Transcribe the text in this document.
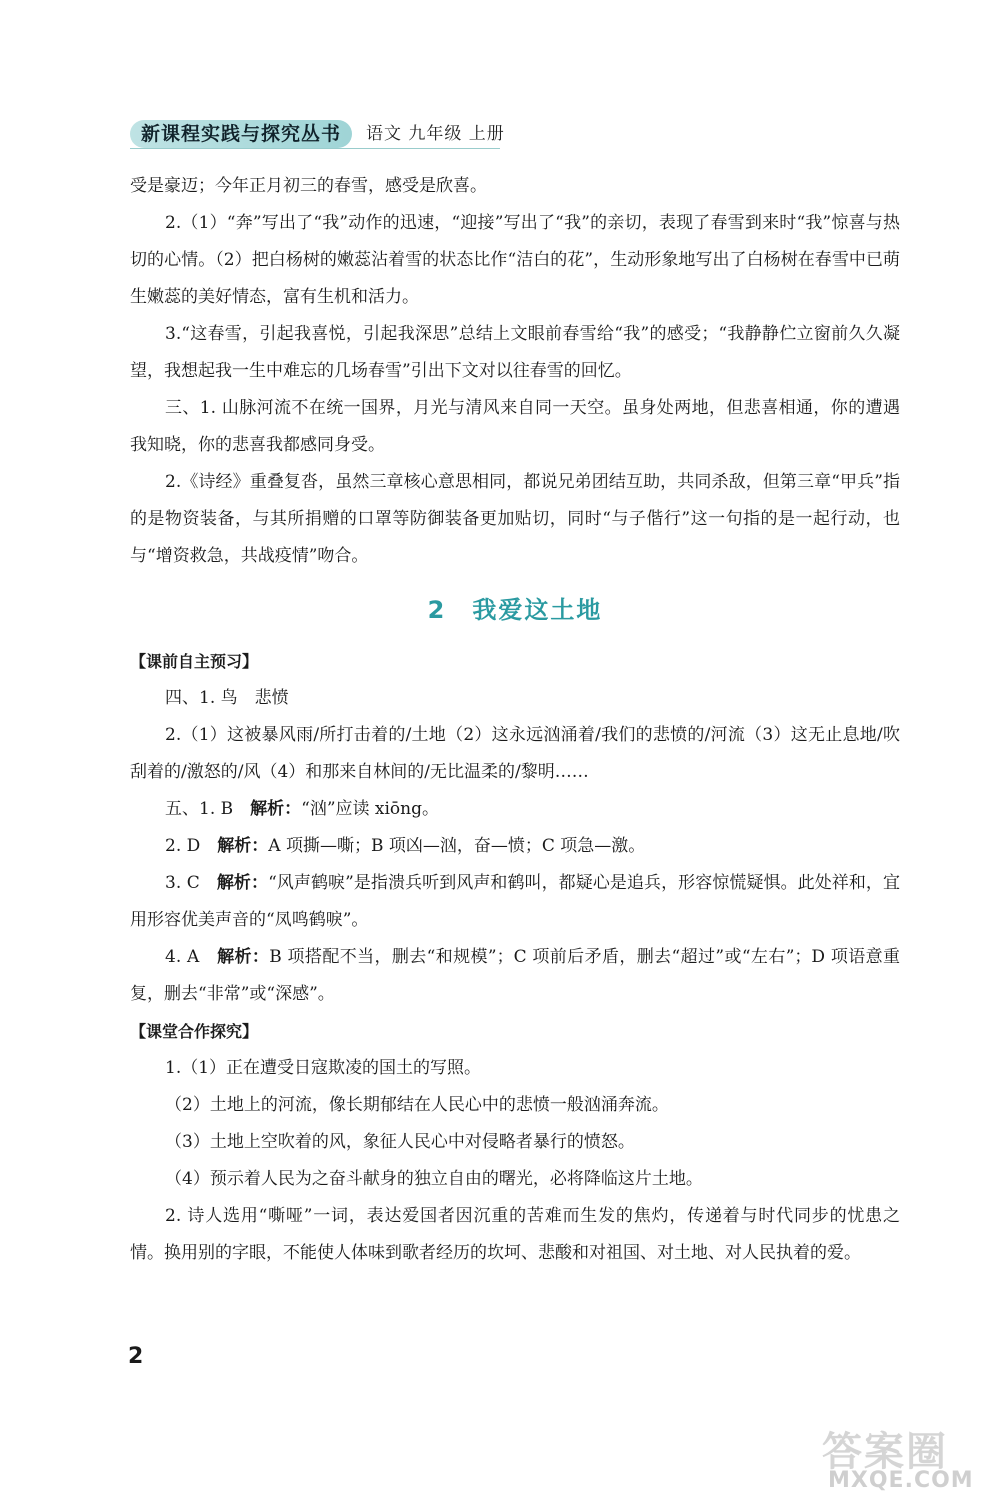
新课程实践与探究丛书	语文 九年级 上册

受是豪迈；今年正月初三的春雪，感受是欣喜。

2.（1）“奔”写出了“我”动作的迅速，“迎接”写出了“我”的亲切，表现了春雪到来时“我”惊喜与热切的心情。（2）把白杨树的嫩蕊沾着雪的状态比作“洁白的花”，生动形象地写出了白杨树在春雪中已萌生嫩蕊的美好情态，富有生机和活力。

3.“这春雪，引起我喜悦，引起我深思”总结上文眼前春雪给“我”的感受；“我静静伫立窗前久久凝望，我想起我一生中难忘的几场春雪”引出下文对以往春雪的回忆。

三、1. 山脉河流不在统一国界，月光与清风来自同一天空。虽身处两地，但悲喜相通，你的遭遇我知晓，你的悲喜我都感同身受。

2.《诗经》重叠复沓，虽然三章核心意思相同，都说兄弟团结互助，共同杀敌，但第三章“甲兵”指的是物资装备，与其所捐赠的口罩等防御装备更加贴切，同时“与子偕行”这一句指的是一起行动，也与“增资救急，共战疫情”吻合。

2 我爱这土地

【课前自主预习】

四、1. 鸟　悲愤

2.（1）这被暴风雨/所打击着的/土地（2）这永远汹涌着/我们的悲愤的/河流（3）这无止息地/吹刮着的/激怒的/风（4）和那来自林间的/无比温柔的/黎明……

五、1. B　解析：“汹”应读 xiōng。

2. D　解析：A 项撕—嘶；B 项凶—汹，奋—愤；C 项急—激。

3. C　解析：“风声鹤唳”是指溃兵听到风声和鹤叫，都疑心是追兵，形容惊慌疑惧。此处祥和，宜用形容优美声音的“凤鸣鹤唳”。

4. A　解析：B 项搭配不当，删去“和规模”；C 项前后矛盾，删去“超过”或“左右”；D 项语意重复，删去“非常”或“深感”。

【课堂合作探究】

1.（1）正在遭受日寇欺凌的国土的写照。

（2）土地上的河流，像长期郁结在人民心中的悲愤一般汹涌奔流。

（3）土地上空吹着的风，象征人民心中对侵略者暴行的愤怒。

（4）预示着人民为之奋斗献身的独立自由的曙光，必将降临这片土地。

2. 诗人选用“嘶哑”一词，表达爱国者因沉重的苦难而生发的焦灼，传递着与时代同步的忧患之情。换用别的字眼，不能使人体味到歌者经历的坎坷、悲酸和对祖国、对土地、对人民执着的爱。

2
答案圈
MXQE.COM
